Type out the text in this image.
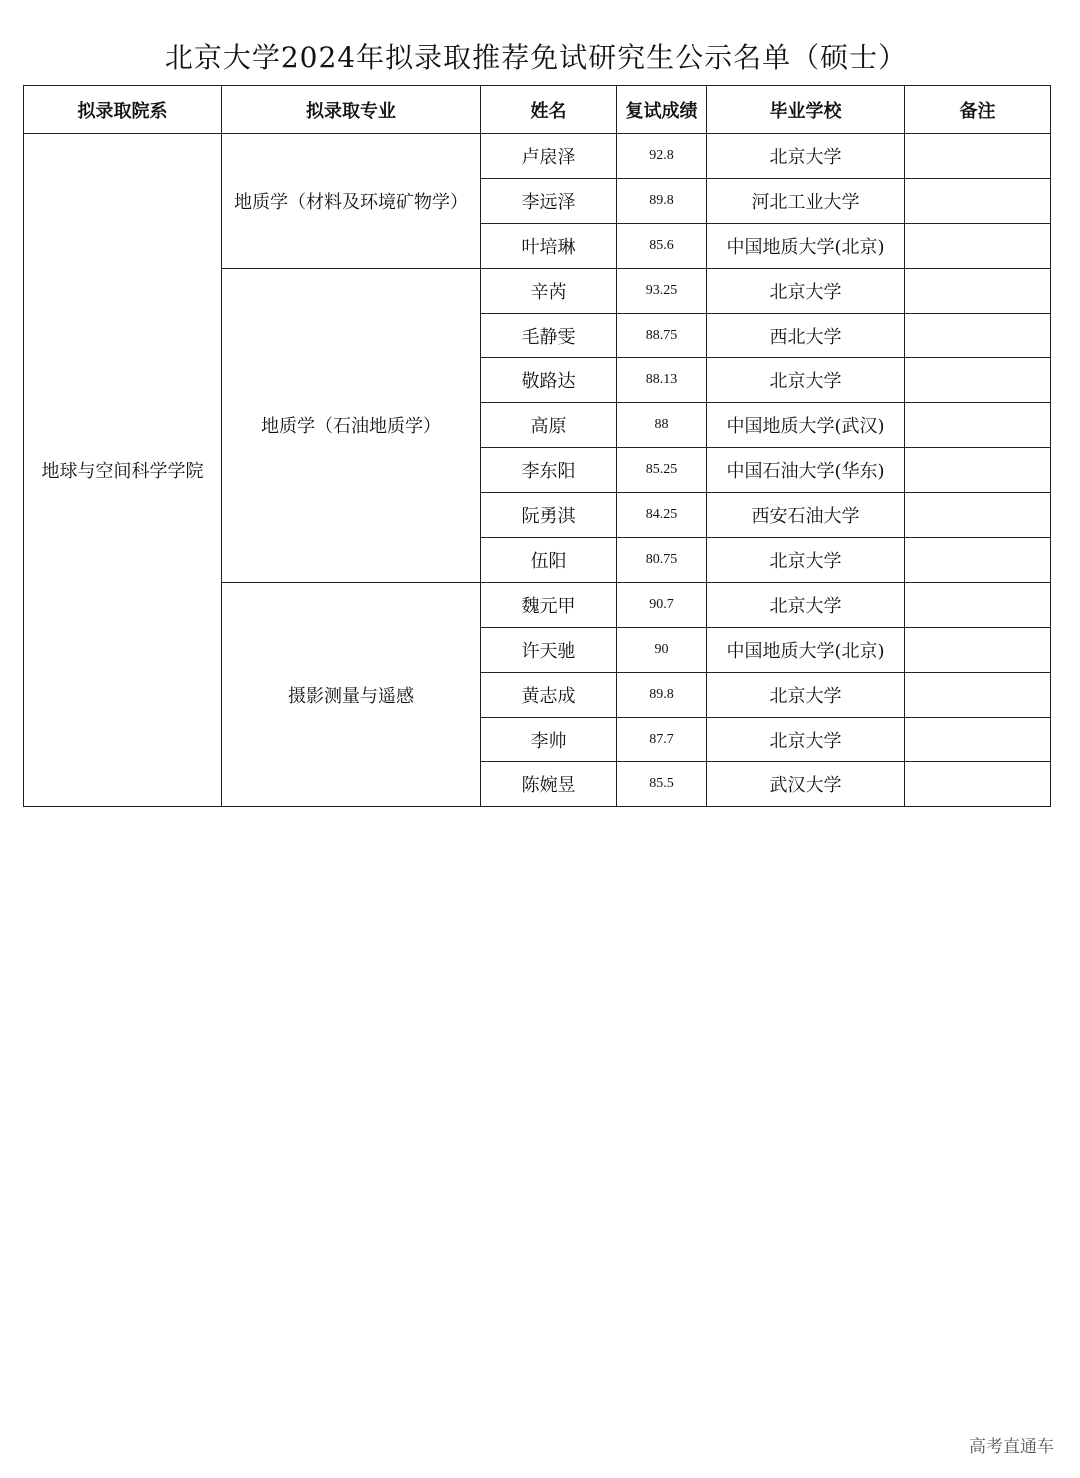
北京大学2024年拟录取推荐免试研究生公示名单（硕士）
拟录取院系	拟录取专业	姓名	复试成绩	毕业学校	备注
地球与空间科学学院	地质学（材料及环境矿物学）	卢扆泽	92.8	北京大学	
		李远泽	89.8	河北工业大学	
		叶培琳	85.6	中国地质大学(北京)	
	地质学（石油地质学）	辛芮	93.25	北京大学	
		毛静雯	88.75	西北大学	
		敬路达	88.13	北京大学	
		高原	88	中国地质大学(武汉)	
		李东阳	85.25	中国石油大学(华东)	
		阮勇淇	84.25	西安石油大学	
		伍阳	80.75	北京大学	
	摄影测量与遥感	魏元甲	90.7	北京大学	
		许天驰	90	中国地质大学(北京)	
		黄志成	89.8	北京大学	
		李帅	87.7	北京大学	
		陈婉昱	85.5	武汉大学	
高考直通车
